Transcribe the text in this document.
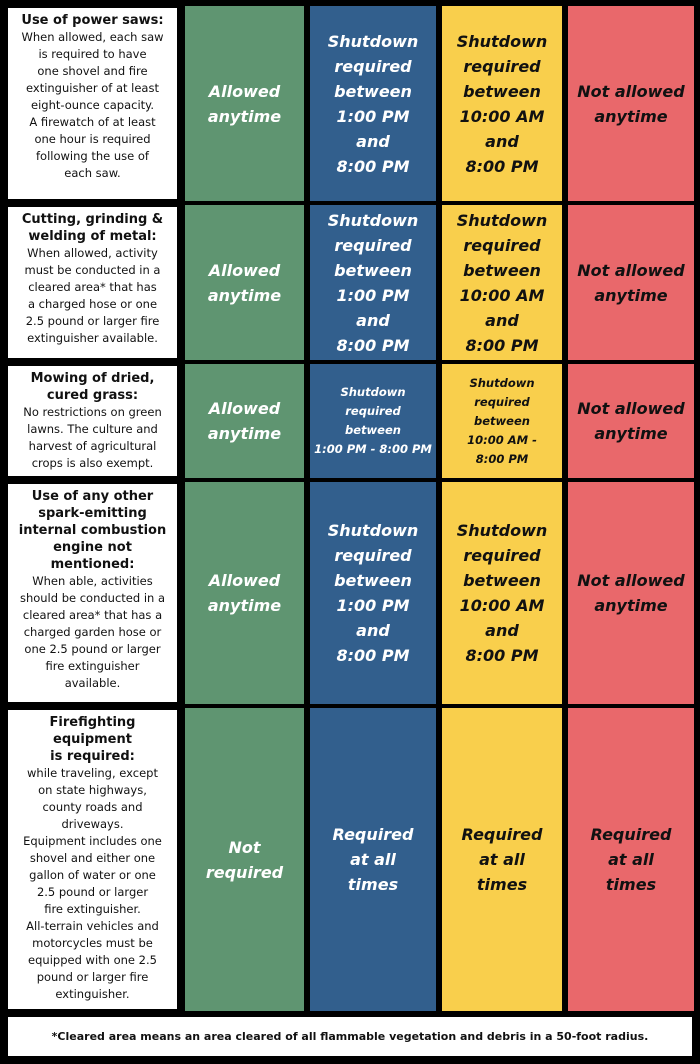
Use of power saws:
When allowed, each saw
is required to have
one shovel and fire
extinguisher of at least
eight-ounce capacity.
A firewatch of at least
one hour is required
following the use of
each saw.
Allowed
anytime
Shutdown
required
between
1:00 PM
and
8:00 PM
Shutdown
required
between
10:00 AM
and
8:00 PM
Not allowed
anytime
Cutting, grinding &
welding of metal:
When allowed, activity
must be conducted in a
cleared area* that has
a charged hose or one
2.5 pound or larger fire
extinguisher available.
Allowed
anytime
Shutdown
required
between
1:00 PM
and
8:00 PM
Shutdown
required
between
10:00 AM
and
8:00 PM
Not allowed
anytime
Mowing of dried,
cured grass:
No restrictions on green
lawns. The culture and
harvest of agricultural
crops is also exempt.
Allowed
anytime
Shutdown
required
between
1:00 PM - 8:00 PM
Shutdown
required
between
10:00 AM -
8:00 PM
Not allowed
anytime
Use of any other
spark-emitting
internal combustion
engine not
mentioned:
When able, activities
should be conducted in a
cleared area* that has a
charged garden hose or
one 2.5 pound or larger
fire extinguisher
available.
Allowed
anytime
Shutdown
required
between
1:00 PM
and
8:00 PM
Shutdown
required
between
10:00 AM
and
8:00 PM
Not allowed
anytime
Firefighting
equipment
is required:
while traveling, except
on state highways,
county roads and
driveways.
Equipment includes one
shovel and either one
gallon of water or one
2.5 pound or larger
fire extinguisher.
All-terrain vehicles and
motorcycles must be
equipped with one 2.5
pound or larger fire
extinguisher.
Not
required
Required
at all
times
Required
at all
times
Required
at all
times
*Cleared area means an area cleared of all flammable vegetation and debris in a 50-foot radius.
